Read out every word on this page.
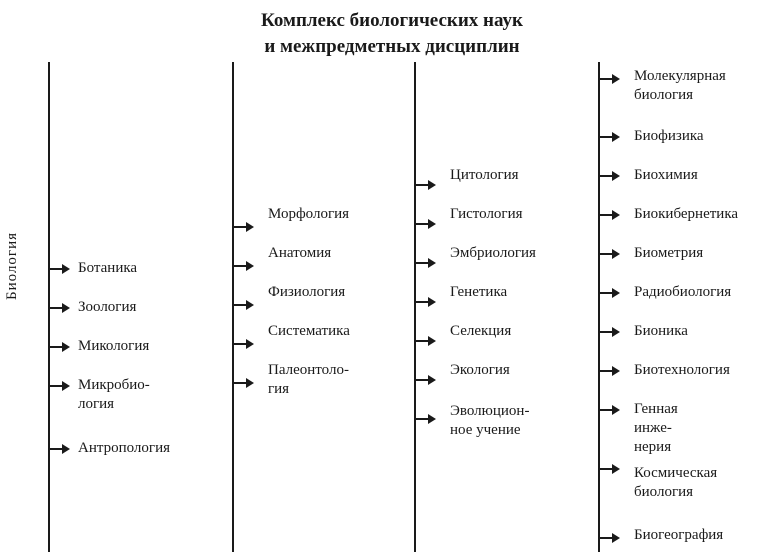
Комплекс биологических наук
и межпредметных дисциплин
Биология	Ботаника
Зоология
Микология
Микробио-
логия
Антропология
Морфология
Анатомия
Физиология
Систематика
Палеонтоло-
гия
Цитология
Гистология
Эмбриология
Генетика
Селекция
Экология
Эволюцион-
ное учение
Молекулярная
биология
Биофизика
Биохимия
Биокибернетика
Биометрия
Радиобиология
Бионика
Биотехнология
Генная инже-
нерия
Космическая
биология
Биогеография
